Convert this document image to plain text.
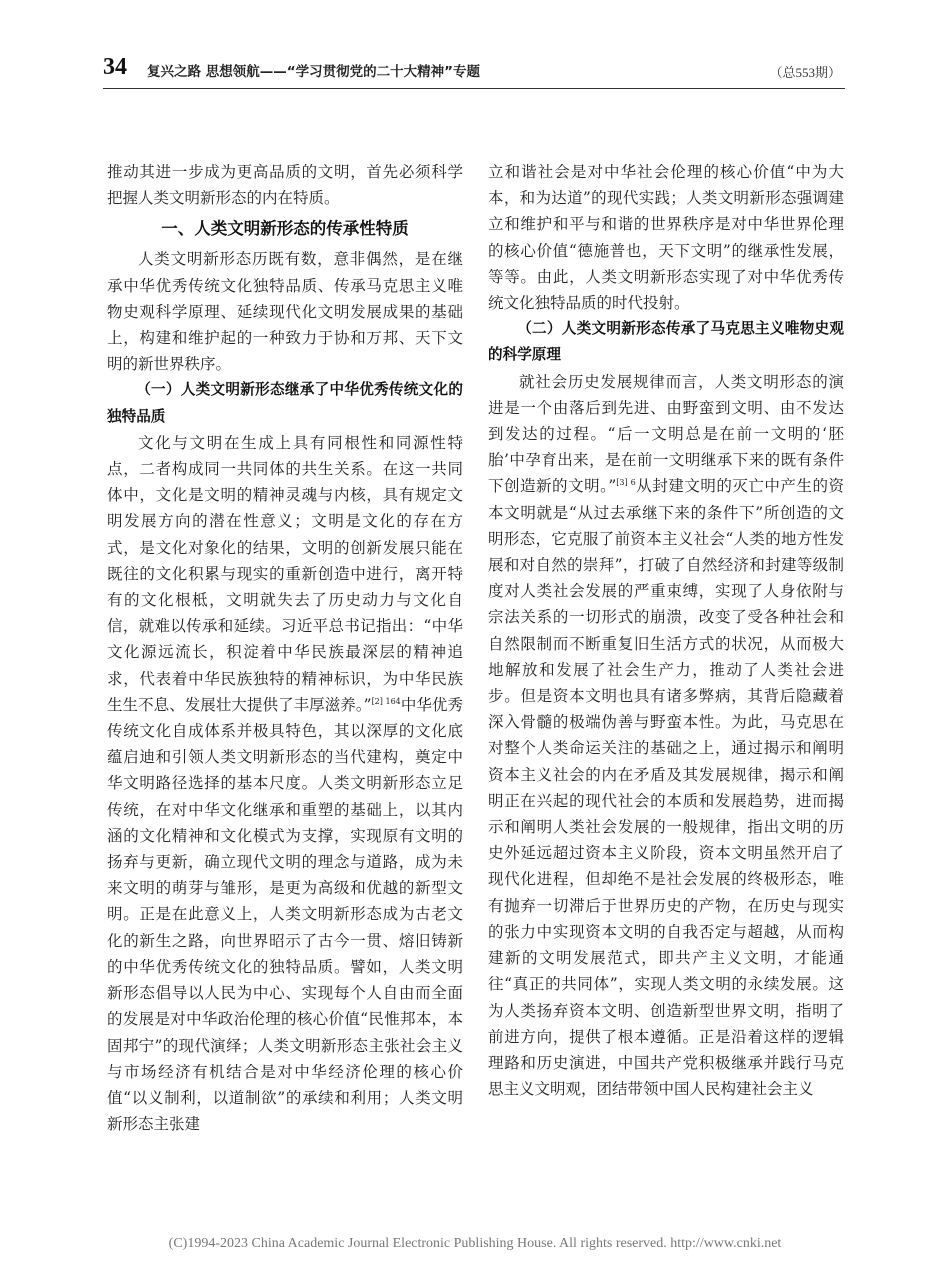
34 复兴之路 思想领航——“学习贯彻党的二十大精神”专题	（总553期）

推动其进一步成为更高品质的文明，首先必须科学把握人类文明新形态的内在特质。

一、人类文明新形态的传承性特质

人类文明新形态历既有数，意非偶然，是在继承中华优秀传统文化独特品质、传承马克思主义唯物史观科学原理、延续现代化文明发展成果的基础上，构建和维护起的一种致力于协和万邦、天下文明的新世界秩序。

（一）人类文明新形态继承了中华优秀传统文化的独特品质

文化与文明在生成上具有同根性和同源性特点，二者构成同一共同体的共生关系。在这一共同体中，文化是文明的精神灵魂与内核，具有规定文明发展方向的潜在性意义；文明是文化的存在方式，是文化对象化的结果，文明的创新发展只能在既往的文化积累与现实的重新创造中进行，离开特有的文化根柢，文明就失去了历史动力与文化自信，就难以传承和延续。习近平总书记指出：“中华文化源远流长，积淀着中华民族最深层的精神追求，代表着中华民族独特的精神标识，为中华民族生生不息、发展壮大提供了丰厚滋养。”$^{[2] 164}$中华优秀传统文化自成体系并极具特色，其以深厚的文化底蕴启迪和引领人类文明新形态的当代建构，奠定中华文明路径选择的基本尺度。人类文明新形态立足传统，在对中华文化继承和重塑的基础上，以其内涵的文化精神和文化模式为支撑，实现原有文明的扬弃与更新，确立现代文明的理念与道路，成为未来文明的萌芽与雏形，是更为高级和优越的新型文明。正是在此意义上，人类文明新形态成为古老文化的新生之路，向世界昭示了古今一贯、熔旧铸新的中华优秀传统文化的独特品质。譬如，人类文明新形态倡导以人民为中心、实现每个人自由而全面的发展是对中华政治伦理的核心价值“民惟邦本，本固邦宁”的现代演绎；人类文明新形态主张社会主义与市场经济有机结合是对中华经济伦理的核心价值“以义制利，以道制欲”的承续和利用；人类文明新形态主张建

立和谐社会是对中华社会伦理的核心价值“中为大本，和为达道”的现代实践；人类文明新形态强调建立和维护和平与和谐的世界秩序是对中华世界伦理的核心价值“德施普也，天下文明”的继承性发展，等等。由此，人类文明新形态实现了对中华优秀传统文化独特品质的时代投射。

（二）人类文明新形态传承了马克思主义唯物史观的科学原理

就社会历史发展规律而言，人类文明形态的演进是一个由落后到先进、由野蛮到文明、由不发达到发达的过程。“后一文明总是在前一文明的‘胚胎’中孕育出来，是在前一文明继承下来的既有条件下创造新的文明。”$^{[3] 6}$从封建文明的灭亡中产生的资本文明就是“从过去承继下来的条件下”所创造的文明形态，它克服了前资本主义社会“人类的地方性发展和对自然的崇拜”，打破了自然经济和封建等级制度对人类社会发展的严重束缚，实现了人身依附与宗法关系的一切形式的崩溃，改变了受各种社会和自然限制而不断重复旧生活方式的状况，从而极大地解放和发展了社会生产力，推动了人类社会进步。但是资本文明也具有诸多弊病，其背后隐藏着深入骨髓的极端伪善与野蛮本性。为此，马克思在对整个人类命运关注的基础之上，通过揭示和阐明资本主义社会的内在矛盾及其发展规律，揭示和阐明正在兴起的现代社会的本质和发展趋势，进而揭示和阐明人类社会发展的一般规律，指出文明的历史外延远超过资本主义阶段，资本文明虽然开启了现代化进程，但却绝不是社会发展的终极形态，唯有抛弃一切滞后于世界历史的产物，在历史与现实的张力中实现资本文明的自我否定与超越，从而构建新的文明发展范式，即共产主义文明，才能通往“真正的共同体”，实现人类文明的永续发展。这为人类扬弃资本文明、创造新型世界文明，指明了前进方向，提供了根本遵循。正是沿着这样的逻辑理路和历史演进，中国共产党积极继承并践行马克思主义文明观，团结带领中国人民构建社会主义

(C)1994-2023 China Academic Journal Electronic Publishing House. All rights reserved. http://www.cnki.net
